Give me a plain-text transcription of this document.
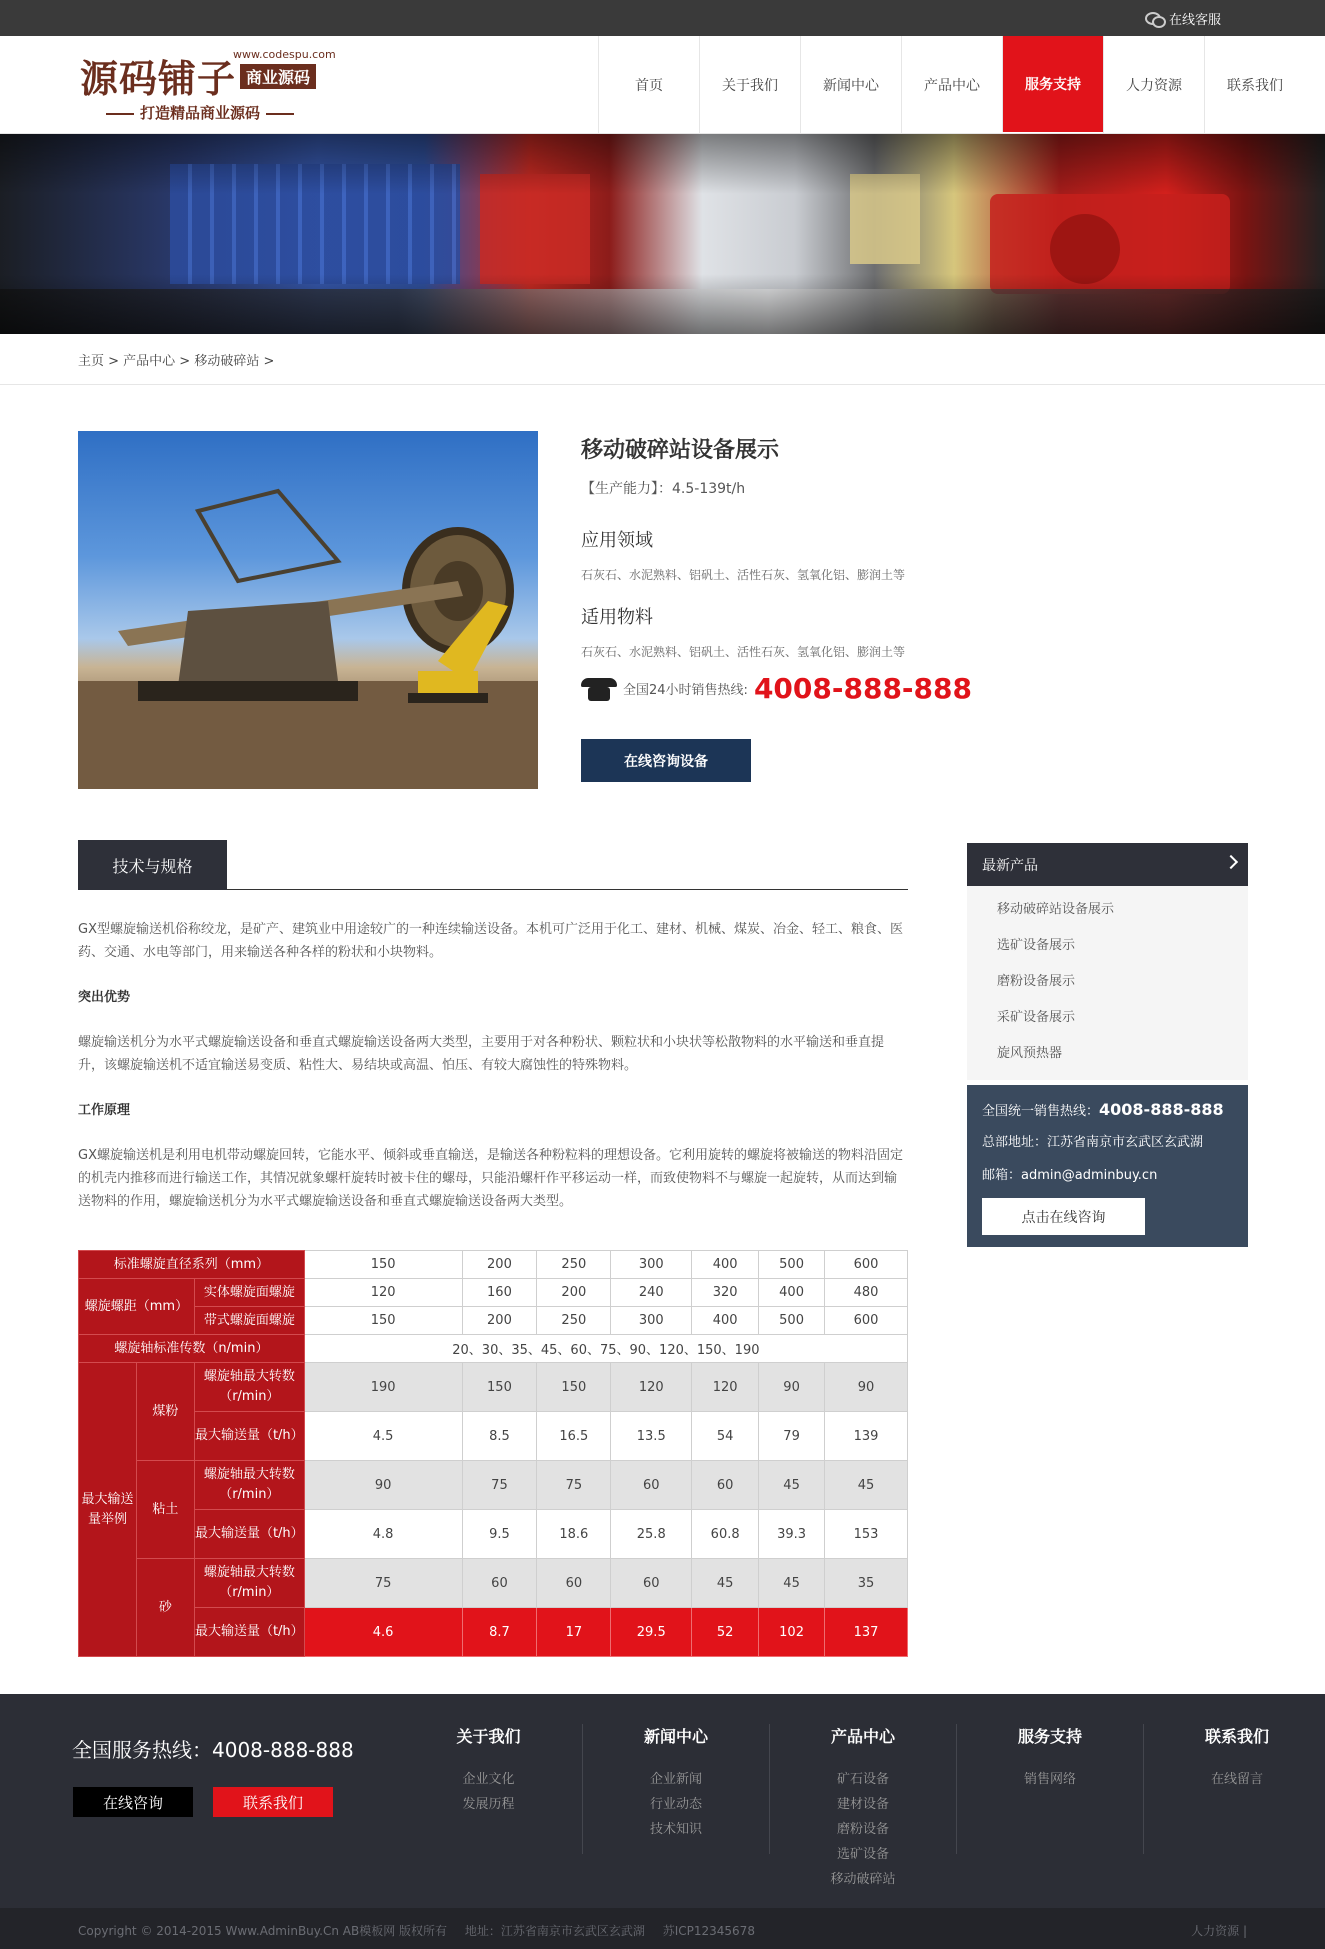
在线客服
源码铺子
www.codespu.com
商业源码
打造精品商业源码
首页	关于我们	新闻中心	产品中心	服务支持	人力资源	联系我们
主页 > 产品中心 > 移动破碎站 >
移动破碎站设备展示
【生产能力】：4.5-139t/h
应用领域
石灰石、水泥熟料、铝矾土、活性石灰、氢氧化铝、膨润土等
适用物料
石灰石、水泥熟料、铝矾土、活性石灰、氢氧化铝、膨润土等
全国24小时销售热线: 4008-888-888
在线咨询设备
技术与规格

GX型螺旋输送机俗称绞龙，是矿产、建筑业中用途较广的一种连续输送设备。本机可广泛用于化工、建材、机械、煤炭、冶金、轻工、粮食、医药、交通、水电等部门，用来输送各种各样的粉状和小块物料。

突出优势

螺旋输送机分为水平式螺旋输送设备和垂直式螺旋输送设备两大类型，主要用于对各种粉状、颗粒状和小块状等松散物料的水平输送和垂直提升，该螺旋输送机不适宜输送易变质、粘性大、易结块或高温、怕压、有较大腐蚀性的特殊物料。

工作原理

GX螺旋输送机是利用电机带动螺旋回转，它能水平、倾斜或垂直输送，是输送各种粉粒料的理想设备。它利用旋转的螺旋将被输送的物料沿固定的机壳内推移而进行输送工作，其情况就象螺杆旋转时被卡住的螺母，只能沿螺杆作平移运动一样，而致使物料不与螺旋一起旋转，从而达到输送物料的作用，螺旋输送机分为水平式螺旋输送设备和垂直式螺旋输送设备两大类型。

标准螺旋直径系列（mm）			150	200	250	300	400	500	600
螺旋螺距（mm）		实体螺旋面螺旋	120	160	200	240	320	400	480
		带式螺旋面螺旋	150	200	250	300	400	500	600
螺旋轴标准传数（n/min）			20、30、35、45、60、75、90、120、150、190						
最大输送量举例	煤粉	螺旋轴最大转数（r/min）	190	150	150	120	120	90	90
		最大输送量（t/h）	4.5	8.5	16.5	13.5	54	79	139
	粘土	螺旋轴最大转数（r/min）	90	75	75	60	60	45	45
		最大输送量（t/h）	4.8	9.5	18.6	25.8	60.8	39.3	153
	砂	螺旋轴最大转数（r/min）	75	60	60	60	45	45	35
		最大输送量（t/h）	4.6	8.7	17	29.5	52	102	137
最新产品
移动破碎站设备展示
选矿设备展示
磨粉设备展示
采矿设备展示
旋风预热器
全国统一销售热线：4008-888-888
总部地址：江苏省南京市玄武区玄武湖
邮箱：admin@adminbuy.cn
点击在线咨询
全国服务热线：4008-888-888
在线咨询	联系我们
关于我们
企业文化
发展历程
新闻中心
企业新闻
行业动态
技术知识
产品中心
矿石设备
建材设备
磨粉设备
选矿设备
移动破碎站
服务支持
销售网络
联系我们
在线留言
Copyright © 2014-2015 Www.AdminBuy.Cn AB模板网 版权所有 地址：江苏省南京市玄武区玄武湖 苏ICP12345678	人力资源 |
